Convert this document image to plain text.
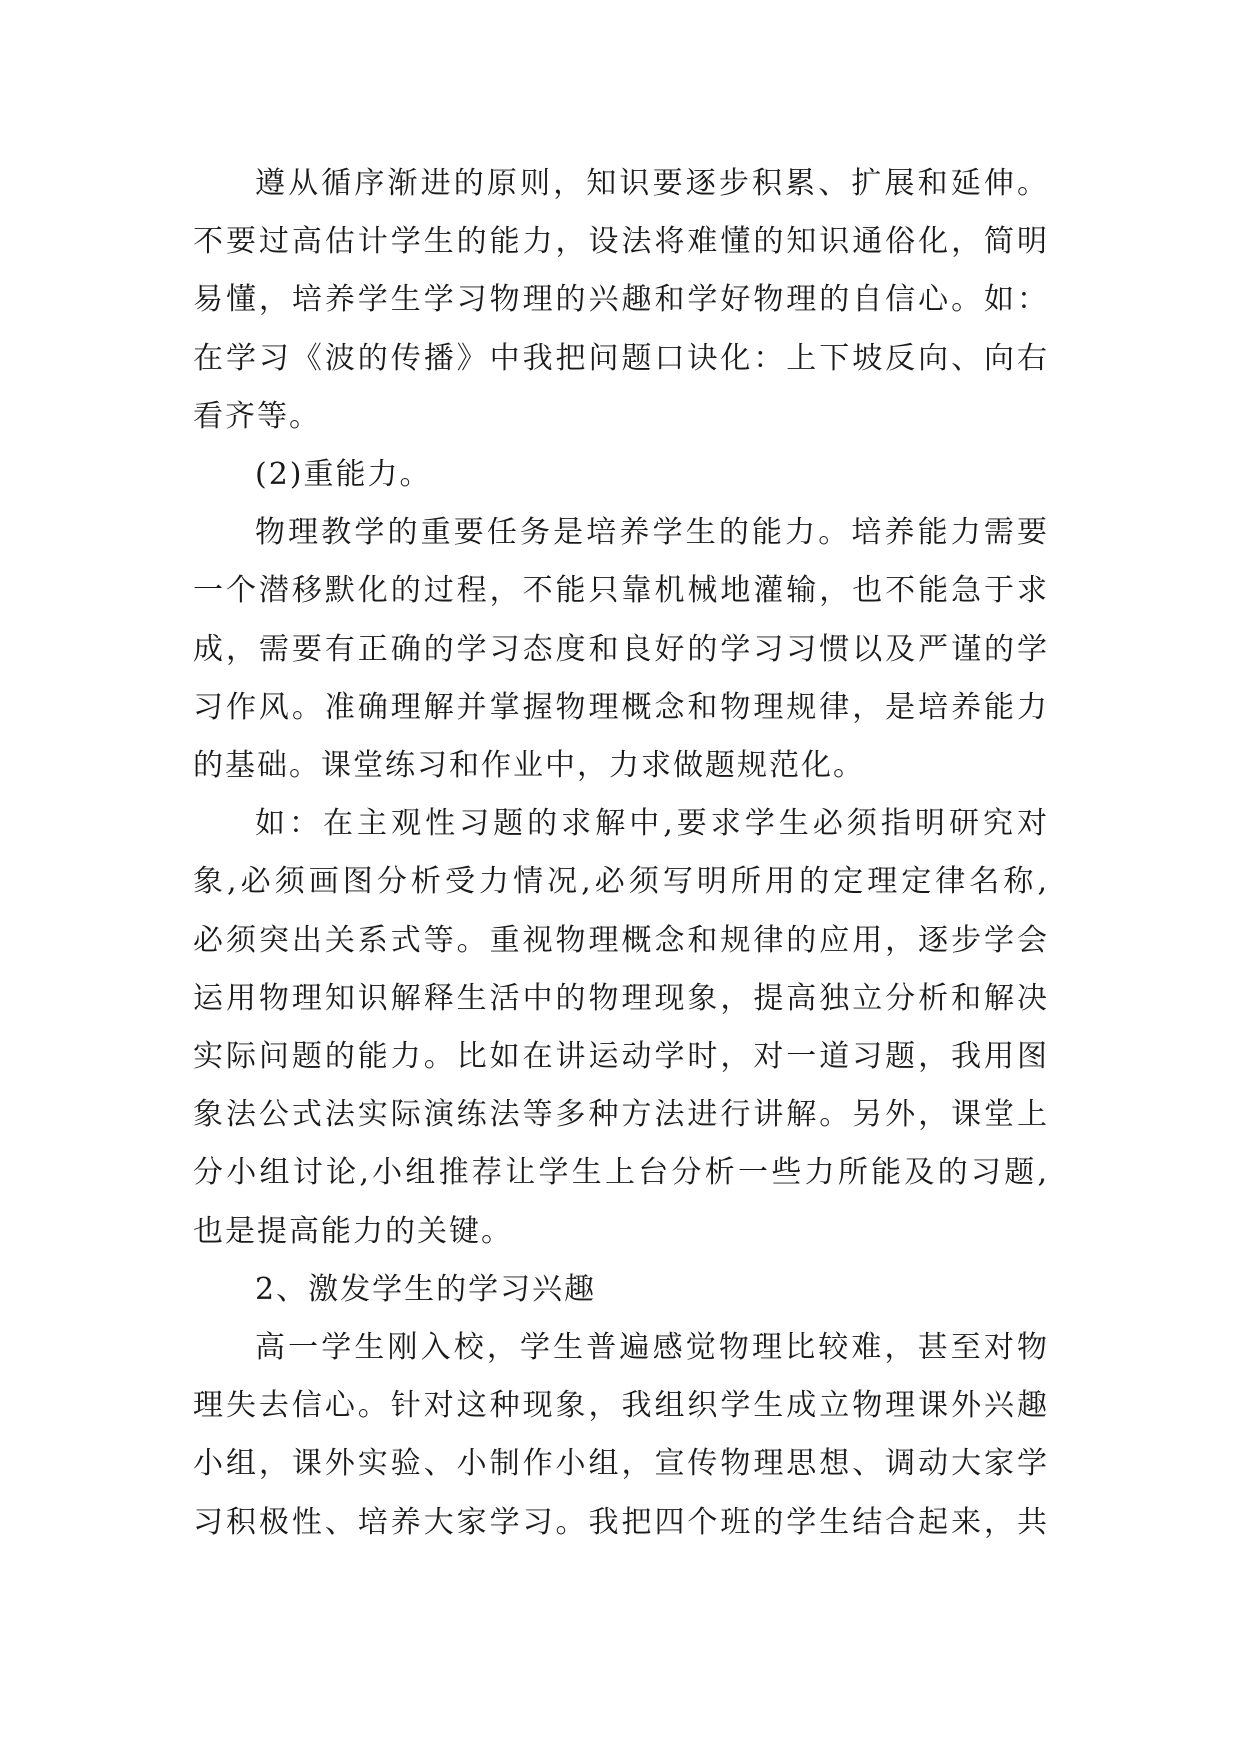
遵从循序渐进的原则，知识要逐步积累、扩展和延伸。

不要过高估计学生的能力，设法将难懂的知识通俗化，简明

易懂，培养学生学习物理的兴趣和学好物理的自信心。如：

在学习《波的传播》中我把问题口诀化：上下坡反向、向右

看齐等。

(2)重能力。

物理教学的重要任务是培养学生的能力。培养能力需要

一个潜移默化的过程，不能只靠机械地灌输，也不能急于求

成，需要有正确的学习态度和良好的学习习惯以及严谨的学

习作风。准确理解并掌握物理概念和物理规律，是培养能力

的基础。课堂练习和作业中，力求做题规范化。

如：在主观性习题的求解中,要求学生必须指明研究对

象,必须画图分析受力情况,必须写明所用的定理定律名称,

必须突出关系式等。重视物理概念和规律的应用，逐步学会

运用物理知识解释生活中的物理现象，提高独立分析和解决

实际问题的能力。比如在讲运动学时，对一道习题，我用图

象法公式法实际演练法等多种方法进行讲解。另外，课堂上

分小组讨论,小组推荐让学生上台分析一些力所能及的习题,

也是提高能力的关键。

2、激发学生的学习兴趣

高一学生刚入校，学生普遍感觉物理比较难，甚至对物

理失去信心。针对这种现象，我组织学生成立物理课外兴趣

小组，课外实验、小制作小组，宣传物理思想、调动大家学

习积极性、培养大家学习。我把四个班的学生结合起来，共
